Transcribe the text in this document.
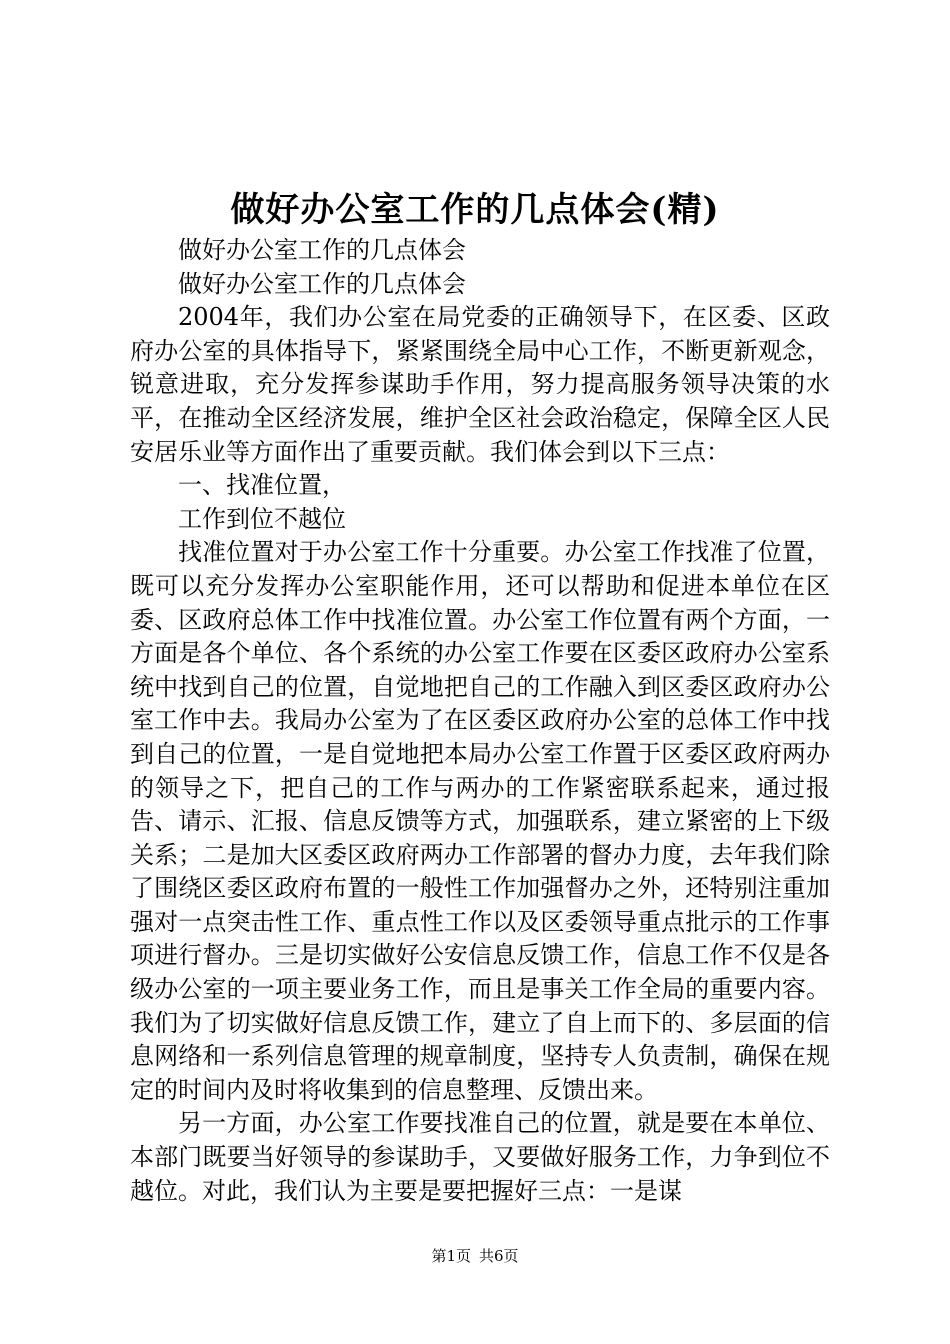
做好办公室工作的几点体会(精)

做好办公室工作的几点体会

做好办公室工作的几点体会

2004年，我们办公室在局党委的正确领导下，在区委、区政府办公室的具体指导下，紧紧围绕全局中心工作，不断更新观念，锐意进取，充分发挥参谋助手作用，努力提高服务领导决策的水平，在推动全区经济发展，维护全区社会政治稳定，保障全区人民安居乐业等方面作出了重要贡献。我们体会到以下三点：

一、找准位置，

工作到位不越位

找准位置对于办公室工作十分重要。办公室工作找准了位置，既可以充分发挥办公室职能作用，还可以帮助和促进本单位在区委、区政府总体工作中找准位置。办公室工作位置有两个方面，一方面是各个单位、各个系统的办公室工作要在区委区政府办公室系统中找到自己的位置，自觉地把自己的工作融入到区委区政府办公室工作中去。我局办公室为了在区委区政府办公室的总体工作中找到自己的位置，一是自觉地把本局办公室工作置于区委区政府两办的领导之下，把自己的工作与两办的工作紧密联系起来，通过报告、请示、汇报、信息反馈等方式，加强联系，建立紧密的上下级关系；二是加大区委区政府两办工作部署的督办力度，去年我们除了围绕区委区政府布置的一般性工作加强督办之外，还特别注重加强对一点突击性工作、重点性工作以及区委领导重点批示的工作事项进行督办。三是切实做好公安信息反馈工作，信息工作不仅是各级办公室的一项主要业务工作，而且是事关工作全局的重要内容。我们为了切实做好信息反馈工作，建立了自上而下的、多层面的信息网络和一系列信息管理的规章制度，坚持专人负责制，确保在规定的时间内及时将收集到的信息整理、反馈出来。

另一方面，办公室工作要找准自己的位置，就是要在本单位、本部门既要当好领导的参谋助手，又要做好服务工作，力争到位不越位。对此，我们认为主要是要把握好三点：一是谋

第1页 共6页
